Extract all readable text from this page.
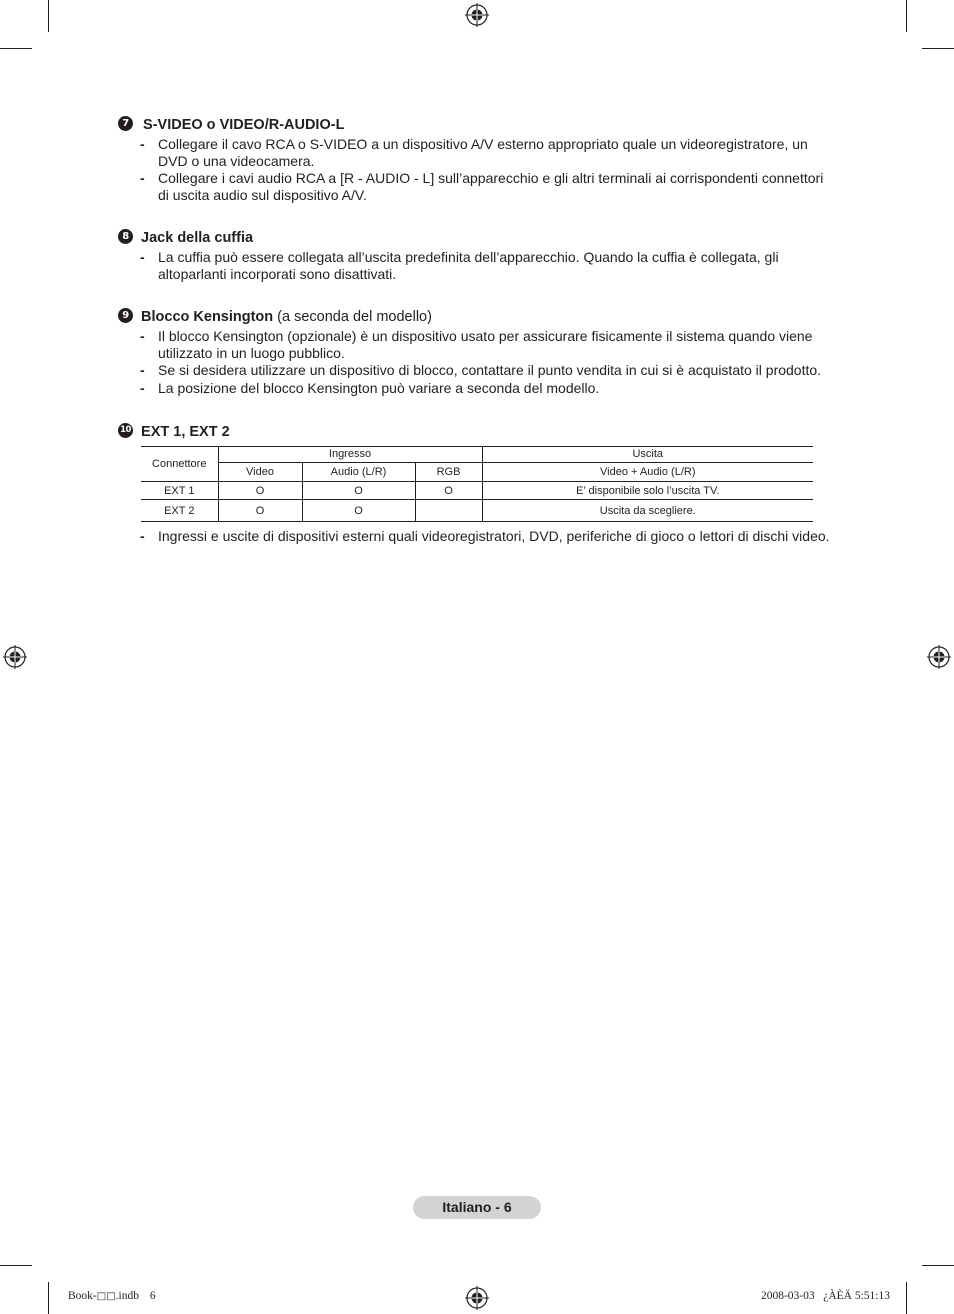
7 S-VIDEO o VIDEO/R-AUDIO-L
- Collegare il cavo RCA o S-VIDEO a un dispositivo A/V esterno appropriato quale un videoregistratore, un DVD o una videocamera.
- Collegare i cavi audio RCA a [R - AUDIO - L] sull’apparecchio e gli altri terminali ai corrispondenti connettori di uscita audio sul dispositivo A/V.
8 Jack della cuffia
- La cuffia può essere collegata all’uscita predefinita dell’apparecchio. Quando la cuffia è collegata, gli altoparlanti incorporati sono disattivati.
9 Blocco Kensington (a seconda del modello)
- Il blocco Kensington (opzionale) è un dispositivo usato per assicurare fisicamente il sistema quando viene utilizzato in un luogo pubblico.
- Se si desidera utilizzare un dispositivo di blocco, contattare il punto vendita in cui si è acquistato il prodotto.
- La posizione del blocco Kensington può variare a seconda del modello.
10 EXT 1, EXT 2
Connettore	Ingresso			Uscita
	Video	Audio (L/R)	RGB	Video + Audio (L/R)
EXT 1	O	O	O	E’ disponibile solo l’uscita TV.
EXT 2	O	O		Uscita da scegliere.
- Ingressi e uscite di dispositivi esterni quali videoregistratori, DVD, periferiche di gioco o lettori di dischi video.
Italiano - 6
Book-□□.indb 6	2008-03-03   ¿ÀÈÄ 5:51:13
